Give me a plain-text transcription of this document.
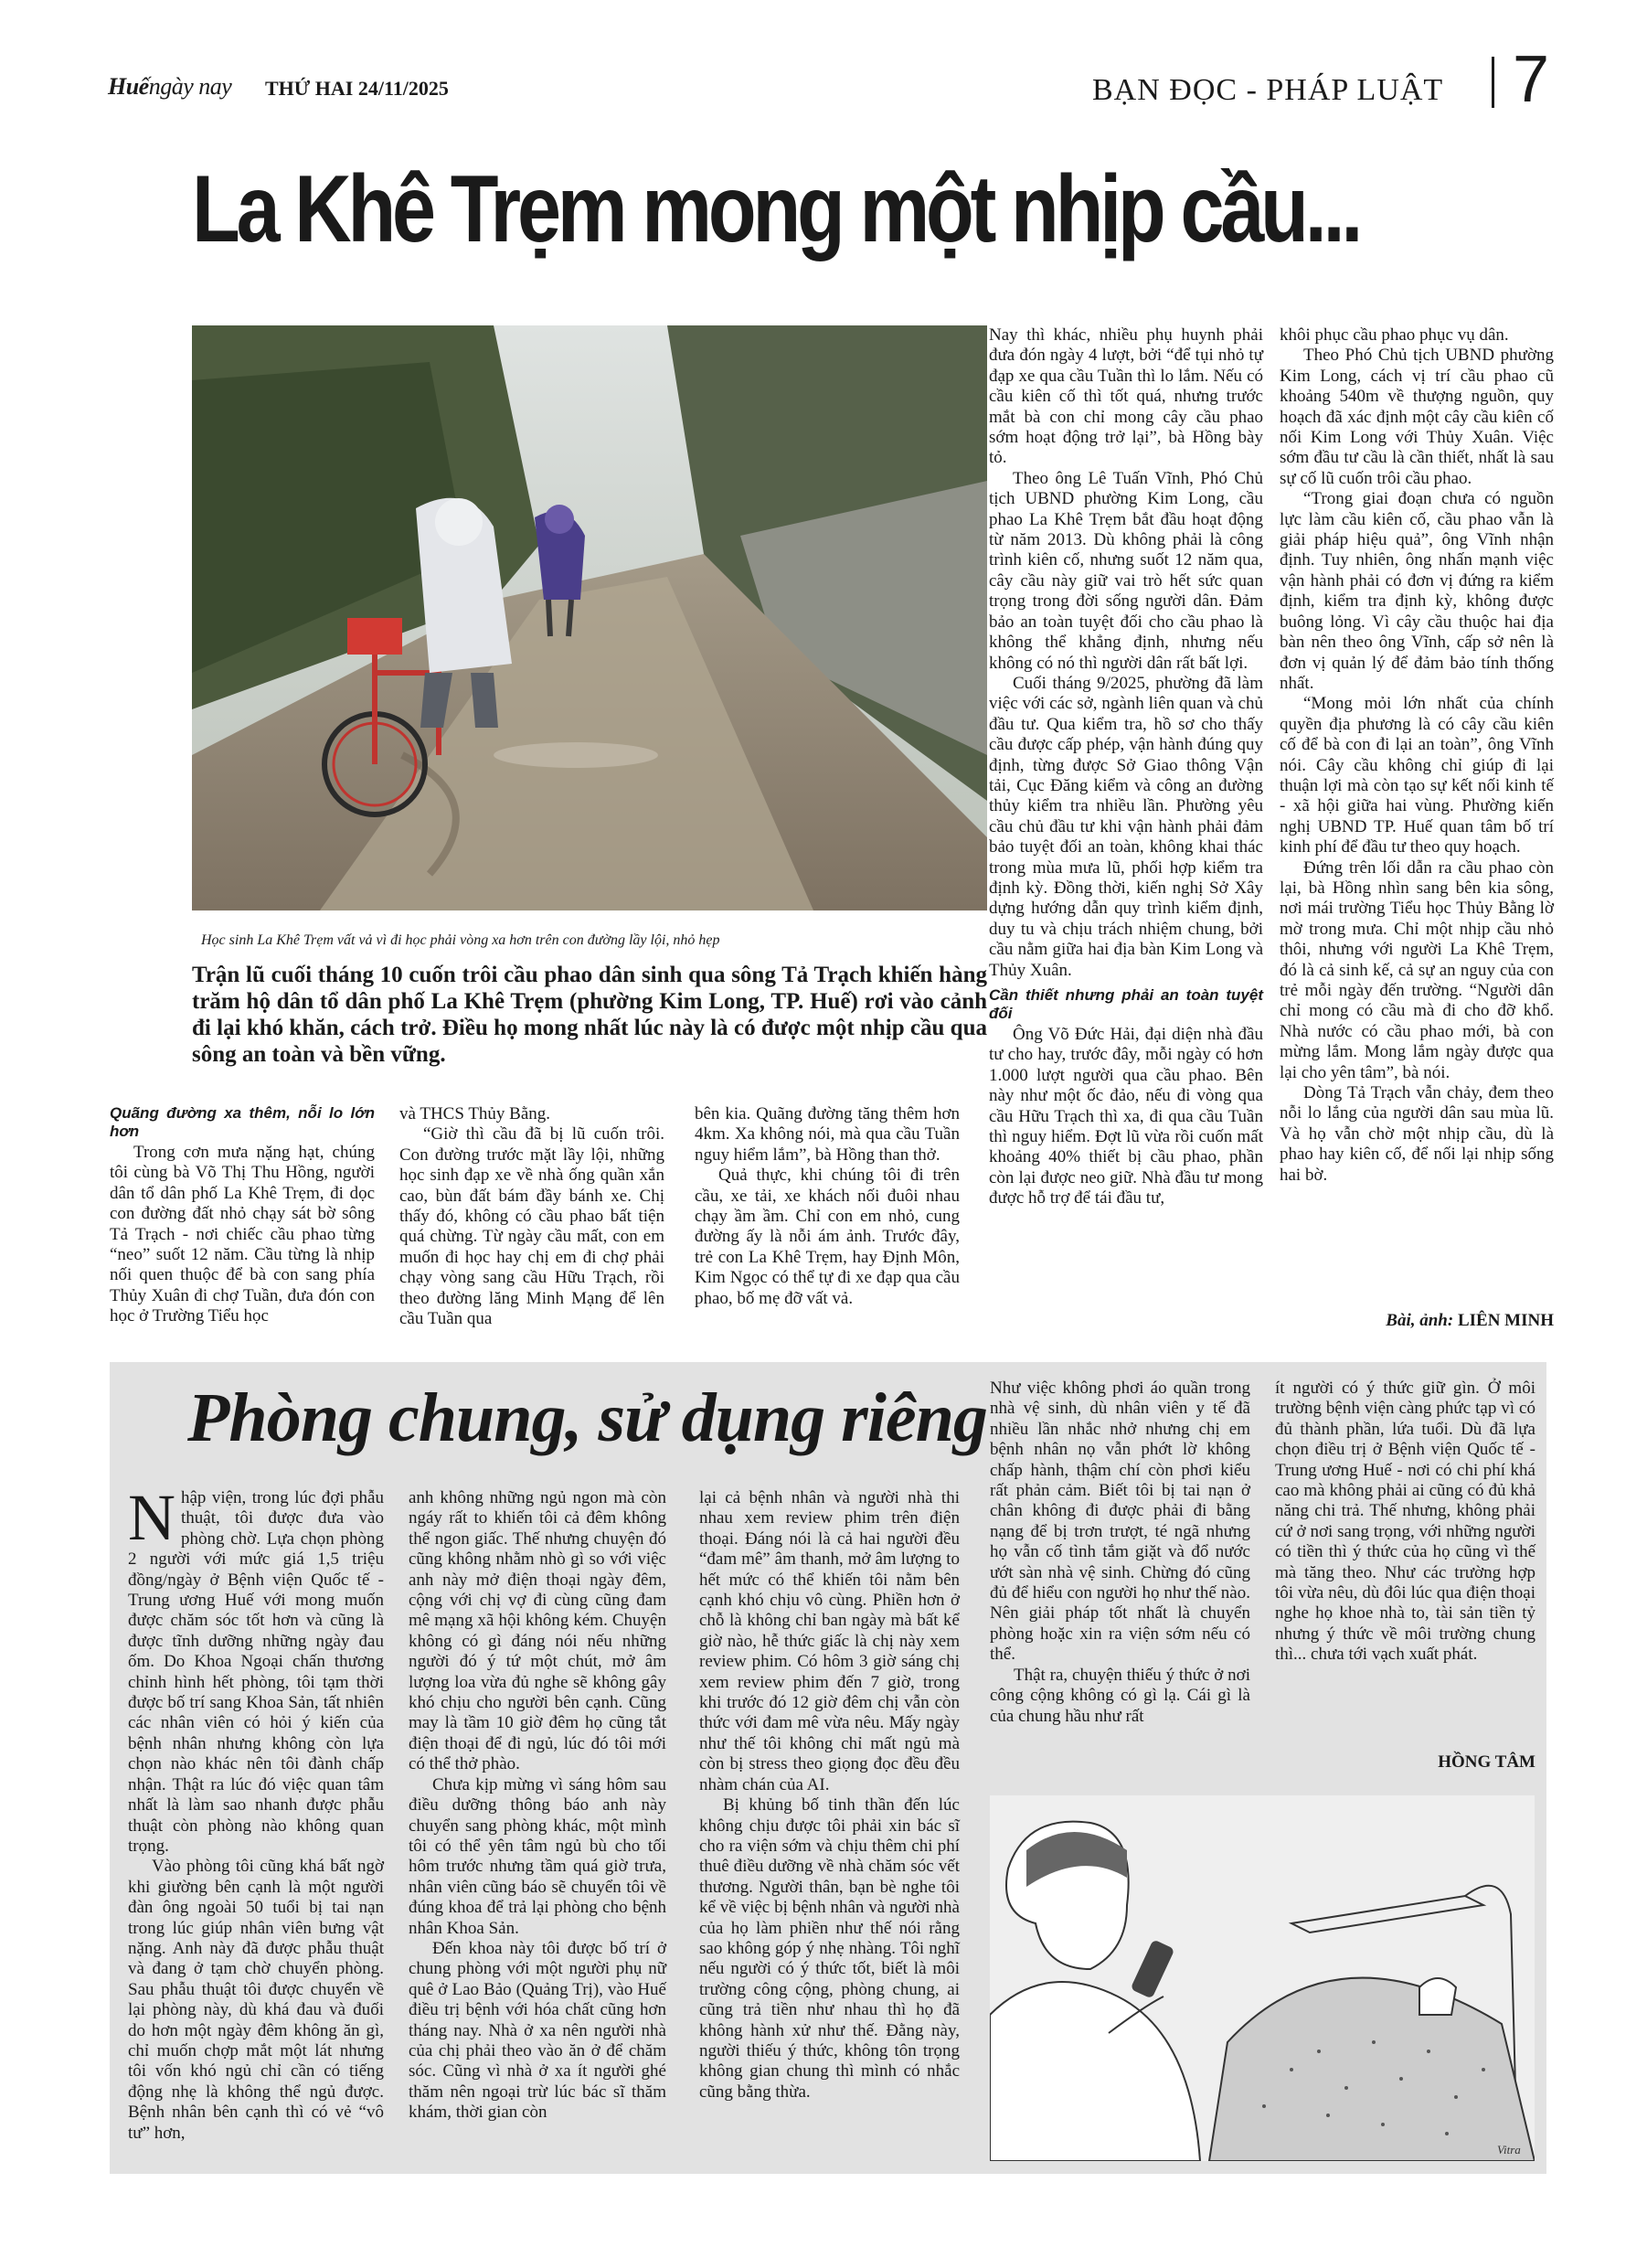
Huếngày nay THỨ HAI 24/11/2025	BẠN ĐỌC - PHÁP LUẬT 7
La Khê Trẹm mong một nhịp cầu...
Học sinh La Khê Trẹm vất vả vì đi học phải vòng xa hơn trên con đường lầy lội, nhỏ hẹp
Trận lũ cuối tháng 10 cuốn trôi cầu phao dân sinh qua sông Tả Trạch khiến hàng trăm hộ dân tổ dân phố La Khê Trẹm (phường Kim Long, TP. Huế) rơi vào cảnh đi lại khó khăn, cách trở. Điều họ mong nhất lúc này là có được một nhịp cầu qua sông an toàn và bền vững.
Quãng đường xa thêm, nỗi lo lớn hơn

Trong cơn mưa nặng hạt, chúng tôi cùng bà Võ Thị Thu Hồng, người dân tổ dân phố La Khê Trẹm, đi dọc con đường đất nhỏ chạy sát bờ sông Tả Trạch - nơi chiếc cầu phao từng “neo” suốt 12 năm. Cầu từng là nhịp nối quen thuộc để bà con sang phía Thủy Xuân đi chợ Tuần, đưa đón con học ở Trường Tiểu học

và THCS Thủy Bằng.

“Giờ thì cầu đã bị lũ cuốn trôi. Con đường trước mặt lầy lội, những học sinh đạp xe về nhà ống quần xắn cao, bùn đất bám đầy bánh xe. Chị thấy đó, không có cầu phao bất tiện quá chừng. Từ ngày cầu mất, con em muốn đi học hay chị em đi chợ phải chạy vòng sang cầu Hữu Trạch, rồi theo đường lăng Minh Mạng để lên cầu Tuần qua

bên kia. Quãng đường tăng thêm hơn 4km. Xa không nói, mà qua cầu Tuần nguy hiểm lắm”, bà Hồng than thở.

Quả thực, khi chúng tôi đi trên cầu, xe tải, xe khách nối đuôi nhau chạy ầm ầm. Chỉ con em nhỏ, cung đường ấy là nỗi ám ảnh. Trước đây, trẻ con La Khê Trẹm, hay Định Môn, Kim Ngọc có thể tự đi xe đạp qua cầu phao, bố mẹ đỡ vất vả.

Nay thì khác, nhiều phụ huynh phải đưa đón ngày 4 lượt, bởi “để tụi nhỏ tự đạp xe qua cầu Tuần thì lo lắm. Nếu có cầu kiên cố thì tốt quá, nhưng trước mắt bà con chỉ mong cây cầu phao sớm hoạt động trở lại”, bà Hồng bày tỏ.

Theo ông Lê Tuấn Vĩnh, Phó Chủ tịch UBND phường Kim Long, cầu phao La Khê Trẹm bắt đầu hoạt động từ năm 2013. Dù không phải là công trình kiên cố, nhưng suốt 12 năm qua, cây cầu này giữ vai trò hết sức quan trọng trong đời sống người dân. Đảm bảo an toàn tuyệt đối cho cầu phao là không thể khẳng định, nhưng nếu không có nó thì người dân rất bất lợi.

Cuối tháng 9/2025, phường đã làm việc với các sở, ngành liên quan và chủ đầu tư. Qua kiểm tra, hồ sơ cho thấy cầu được cấp phép, vận hành đúng quy định, từng được Sở Giao thông Vận tải, Cục Đăng kiểm và công an đường thủy kiểm tra nhiều lần. Phường yêu cầu chủ đầu tư khi vận hành phải đảm bảo tuyệt đối an toàn, không khai thác trong mùa mưa lũ, phối hợp kiểm tra định kỳ. Đồng thời, kiến nghị Sở Xây dựng hướng dẫn quy trình kiểm định, duy tu và chịu trách nhiệm chung, bởi cầu nằm giữa hai địa bàn Kim Long và Thủy Xuân.

Cần thiết nhưng phải an toàn tuyệt đối

Ông Võ Đức Hải, đại diện nhà đầu tư cho hay, trước đây, mỗi ngày có hơn 1.000 lượt người qua cầu phao. Bên này như một ốc đảo, nếu đi vòng qua cầu Hữu Trạch thì xa, đi qua cầu Tuần thì nguy hiểm. Đợt lũ vừa rồi cuốn mất khoảng 40% thiết bị cầu phao, phần còn lại được neo giữ. Nhà đầu tư mong được hỗ trợ để tái đầu tư,

khôi phục cầu phao phục vụ dân.

Theo Phó Chủ tịch UBND phường Kim Long, cách vị trí cầu phao cũ khoảng 540m về thượng nguồn, quy hoạch đã xác định một cây cầu kiên cố nối Kim Long với Thủy Xuân. Việc sớm đầu tư cầu là cần thiết, nhất là sau sự cố lũ cuốn trôi cầu phao.

“Trong giai đoạn chưa có nguồn lực làm cầu kiên cố, cầu phao vẫn là giải pháp hiệu quả”, ông Vĩnh nhận định. Tuy nhiên, ông nhấn mạnh việc vận hành phải có đơn vị đứng ra kiểm định, kiểm tra định kỳ, không được buông lỏng. Vì cây cầu thuộc hai địa bàn nên theo ông Vĩnh, cấp sở nên là đơn vị quản lý để đảm bảo tính thống nhất.

“Mong mỏi lớn nhất của chính quyền địa phương là có cây cầu kiên cố để bà con đi lại an toàn”, ông Vĩnh nói. Cây cầu không chỉ giúp đi lại thuận lợi mà còn tạo sự kết nối kinh tế - xã hội giữa hai vùng. Phường kiến nghị UBND TP. Huế quan tâm bố trí kinh phí để đầu tư theo quy hoạch.

Đứng trên lối dẫn ra cầu phao còn lại, bà Hồng nhìn sang bên kia sông, nơi mái trường Tiểu học Thủy Bằng lờ mờ trong mưa. Chỉ một nhịp cầu nhỏ thôi, nhưng với người La Khê Trẹm, đó là cả sinh kế, cả sự an nguy của con trẻ mỗi ngày đến trường. “Người dân chỉ mong có cầu mà đi cho đỡ khổ. Nhà nước có cầu phao mới, bà con mừng lắm. Mong lắm ngày được qua lại cho yên tâm”, bà nói.

Dòng Tả Trạch vẫn chảy, đem theo nỗi lo lắng của người dân sau mùa lũ. Và họ vẫn chờ một nhịp cầu, dù là phao hay kiên cố, để nối lại nhịp sống hai bờ.

Bài, ảnh: LIÊN MINH
Phòng chung, sử dụng riêng

Nhập viện, trong lúc đợi phẫu thuật, tôi được đưa vào phòng chờ. Lựa chọn phòng 2 người với mức giá 1,5 triệu đồng/ngày ở Bệnh viện Quốc tế - Trung ương Huế với mong muốn được chăm sóc tốt hơn và cũng là được tĩnh dưỡng những ngày đau ốm. Do Khoa Ngoại chấn thương chỉnh hình hết phòng, tôi tạm thời được bố trí sang Khoa Sản, tất nhiên các nhân viên có hỏi ý kiến của bệnh nhân nhưng không còn lựa chọn nào khác nên tôi đành chấp nhận. Thật ra lúc đó việc quan tâm nhất là làm sao nhanh được phẫu thuật còn phòng nào không quan trọng.

Vào phòng tôi cũng khá bất ngờ khi giường bên cạnh là một người đàn ông ngoài 50 tuổi bị tai nạn trong lúc giúp nhân viên bưng vật nặng. Anh này đã được phẫu thuật và đang ở tạm chờ chuyển phòng. Sau phẫu thuật tôi được chuyển về lại phòng này, dù khá đau và đuối do hơn một ngày đêm không ăn gì, chỉ muốn chợp mắt một lát nhưng tôi vốn khó ngủ chỉ cần có tiếng động nhẹ là không thể ngủ được. Bệnh nhân bên cạnh thì có vẻ “vô tư” hơn,

anh không những ngủ ngon mà còn ngáy rất to khiến tôi cả đêm không thể ngon giấc. Thế nhưng chuyện đó cũng không nhằm nhò gì so với việc anh này mở điện thoại ngày đêm, cộng với chị vợ đi cùng cũng đam mê mạng xã hội không kém. Chuyện không có gì đáng nói nếu những người đó ý tứ một chút, mở âm lượng loa vừa đủ nghe sẽ không gây khó chịu cho người bên cạnh. Cũng may là tầm 10 giờ đêm họ cũng tắt điện thoại để đi ngủ, lúc đó tôi mới có thể thở phào.

Chưa kịp mừng vì sáng hôm sau điều dưỡng thông báo anh này chuyển sang phòng khác, một mình tôi có thể yên tâm ngủ bù cho tối hôm trước nhưng tầm quá giờ trưa, nhân viên cũng báo sẽ chuyển tôi về đúng khoa để trả lại phòng cho bệnh nhân Khoa Sản.

Đến khoa này tôi được bố trí ở chung phòng với một người phụ nữ quê ở Lao Bảo (Quảng Trị), vào Huế điều trị bệnh với hóa chất cũng hơn tháng nay. Nhà ở xa nên người nhà của chị phải theo vào ăn ở để chăm sóc. Cũng vì nhà ở xa ít người ghé thăm nên ngoại trừ lúc bác sĩ thăm khám, thời gian còn

lại cả bệnh nhân và người nhà thi nhau xem review phim trên điện thoại. Đáng nói là cả hai người đều “đam mê” âm thanh, mở âm lượng to hết mức có thể khiến tôi nằm bên cạnh khó chịu vô cùng. Phiền hơn ở chỗ là không chỉ ban ngày mà bất kể giờ nào, hễ thức giấc là chị này xem review phim. Có hôm 3 giờ sáng chị xem review phim đến 7 giờ, trong khi trước đó 12 giờ đêm chị vẫn còn thức với đam mê vừa nêu. Mấy ngày như thế tôi không chỉ mất ngủ mà còn bị stress theo giọng đọc đều đều nhàm chán của AI.

Bị khủng bố tinh thần đến lúc không chịu được tôi phải xin bác sĩ cho ra viện sớm và chịu thêm chi phí thuê điều dưỡng về nhà chăm sóc vết thương. Người thân, bạn bè nghe tôi kể về việc bị bệnh nhân và người nhà của họ làm phiền như thế nói rằng sao không góp ý nhẹ nhàng. Tôi nghĩ nếu người có ý thức tốt, biết là môi trường công cộng, phòng chung, ai cũng trả tiền như nhau thì họ đã không hành xử như thế. Đằng này, người thiếu ý thức, không tôn trọng không gian chung thì mình có nhắc cũng bằng thừa.

Như việc không phơi áo quần trong nhà vệ sinh, dù nhân viên y tế đã nhiều lần nhắc nhở nhưng chị em bệnh nhân nọ vẫn phớt lờ không chấp hành, thậm chí còn phơi kiểu rất phản cảm. Biết tôi bị tai nạn ở chân không đi được phải đi bằng nạng để bị trơn trượt, té ngã nhưng họ vẫn cố tình tắm giặt và đổ nước ướt sàn nhà vệ sinh. Chừng đó cũng đủ để hiểu con người họ như thế nào. Nên giải pháp tốt nhất là chuyển phòng hoặc xin ra viện sớm nếu có thể.

Thật ra, chuyện thiếu ý thức ở nơi công cộng không có gì lạ. Cái gì là của chung hầu như rất

ít người có ý thức giữ gìn. Ở môi trường bệnh viện càng phức tạp vì có đủ thành phần, lứa tuổi. Dù đã lựa chọn điều trị ở Bệnh viện Quốc tế - Trung ương Huế - nơi có chi phí khá cao mà không phải ai cũng có đủ khả năng chi trả. Thế nhưng, không phải cứ ở nơi sang trọng, với những người có tiền thì ý thức của họ cũng vì thế mà tăng theo. Như các trường hợp tôi vừa nêu, dù đôi lúc qua điện thoại nghe họ khoe nhà to, tài sản tiền tỷ nhưng ý thức về môi trường chung thì... chưa tới vạch xuất phát.

HỒNG TÂM
Vitra
